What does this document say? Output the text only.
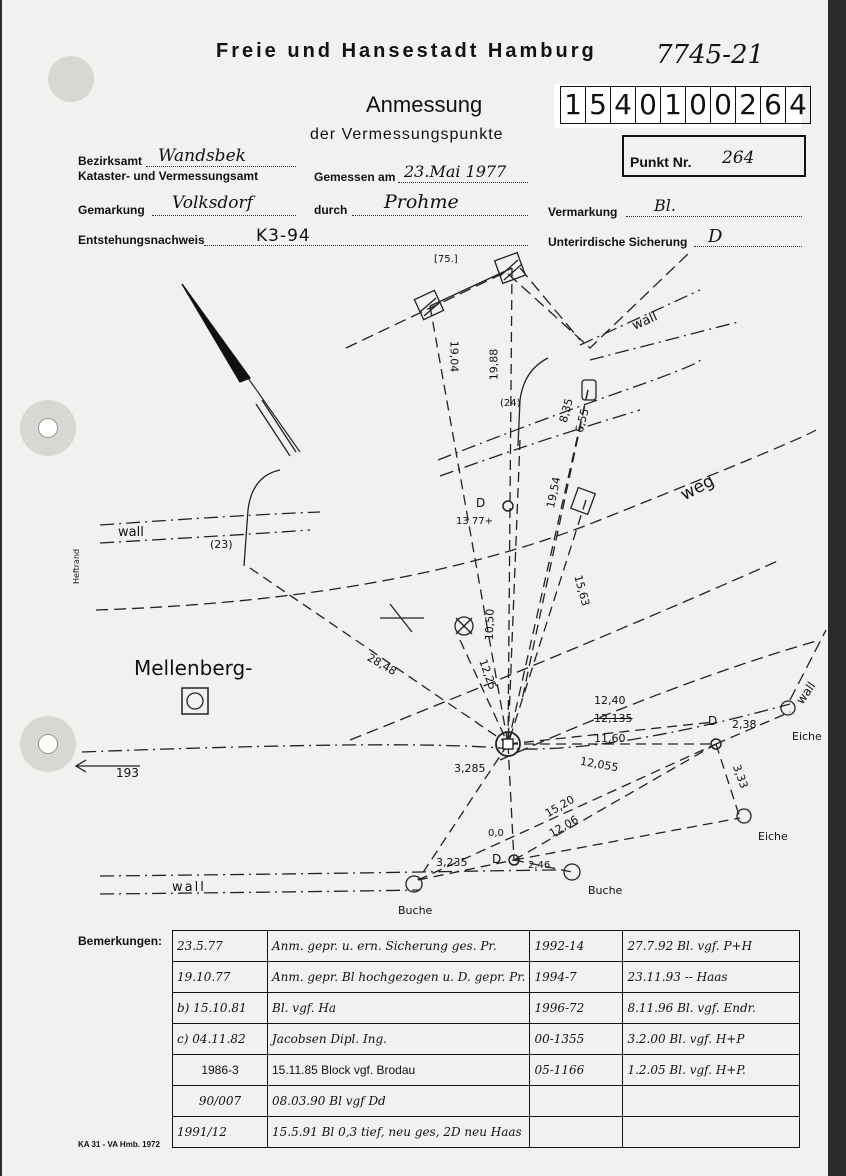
Freie und Hansestadt Hamburg 7745-21
Anmessung
der Vermessungspunkte
1 5 4 0 1 0 0 2 6 4
Punkt Nr. 264
Bezirksamt Wandsbek
Kataster- und Vermessungsamt	Gemessen am 23.Mai 1977
Gemarkung Volksdorf	durch Prohme	Vermarkung Bl.
Entstehungsnachweis	K3-94	Unterirdische Sicherung D
Heftrand
wall
wall
wall
wall
weg
Mellenberg-
Eiche
Eiche
Buche
Buche
[75.]
(23)
(24)
19,04 19,88
8,35
6,55
19,54
15,63
D
13 77+
28,48
10,50
12,25
12,40
12,135
11,60
12,055
D 2,38
3,33
3,285
15,20
12,06
0,0
D	2,46
3,235
193
Bemerkungen: 23.5.77	Anm. gepr. u. ern. Sicherung ges. Pr.	1992-14	27.7.92 Bl. vgf. P+H
19.10.77	Anm. gepr. Bl hochgezogen u. D. gepr. Pr.	1994-7	23.11.93 -- Haas
b) 15.10.81	Bl. vgf. Ha	1996-72	8.11.96 Bl. vgf. Endr.
c) 04.11.82	Jacobsen Dipl. Ing.	00-1355	3.2.00 Bl. vgf. H+P
1986-3	15.11.85 Block vgf. Brodau	05-1166	1.2.05 Bl. vgf. H+P.
90/007	08.03.90 Bl vgf Dd		
1991/12	15.5.91 Bl 0,3 tief, neu ges, 2D neu Haas		
KA 31 - VA Hmb. 1972
